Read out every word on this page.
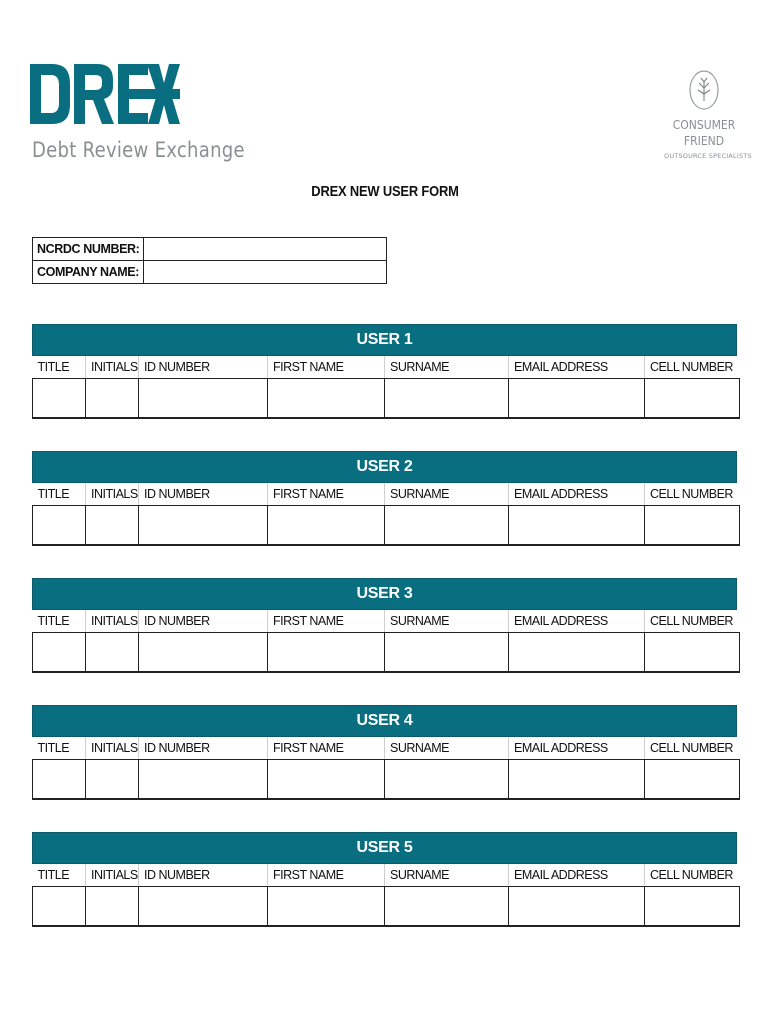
Debt Review Exchange
CONSUMER
FRIEND
OUTSOURCE SPECIALISTS
DREX NEW USER FORM
NCRDC NUMBER:	
COMPANY NAME:	
USER 1
TITLE	INITIALS	ID NUMBER	FIRST NAME	SURNAME	EMAIL ADDRESS	CELL NUMBER

USER 2
TITLE	INITIALS	ID NUMBER	FIRST NAME	SURNAME	EMAIL ADDRESS	CELL NUMBER

USER 3
TITLE	INITIALS	ID NUMBER	FIRST NAME	SURNAME	EMAIL ADDRESS	CELL NUMBER

USER 4
TITLE	INITIALS	ID NUMBER	FIRST NAME	SURNAME	EMAIL ADDRESS	CELL NUMBER

USER 5
TITLE	INITIALS	ID NUMBER	FIRST NAME	SURNAME	EMAIL ADDRESS	CELL NUMBER
